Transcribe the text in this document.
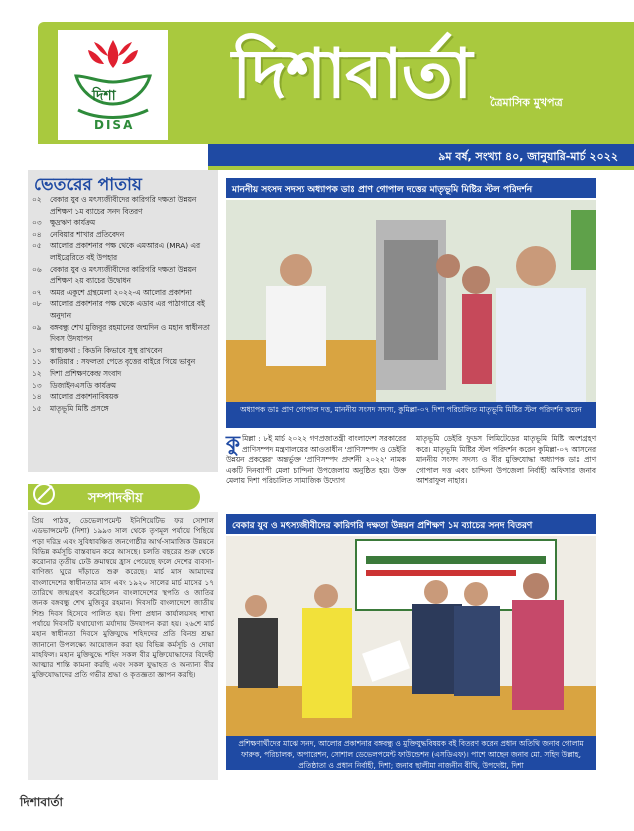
দিশা
DISA
দিশাবার্তা ত্রৈমাসিক মুখপত্র
৯ম বর্ষ, সংখ্যা ৪০, জানুয়ারি-মার্চ ২০২২
ভেতরের পাতায়
০২	বেকার যুব ও মৎস্যজীবীদের কারিগরি দক্ষতা উন্নয়ন প্রশিক্ষণ ১ম ব্যাচের সনদ বিতরণ
০৩	ক্ষুদ্রঋণ কার্যক্রম
০৪	নেবিয়ার শাখার প্রতিবেদন
০৫	আলোর প্রকাশনার পক্ষ থেকে এমআরএ (MRA) এর লাইব্রেরিতে বই উপহার
০৬	বেকার যুব ও মৎস্যজীবীদের কারিগরি দক্ষতা উন্নয়ন প্রশিক্ষণ ২য় ব্যাচের উদ্বোধন
০৭	অমর একুশে গ্রন্থমেলা ২০২২-এ আলোর প্রকাশনা
০৮	আলোর প্রকাশনার পক্ষ থেকে এডাব এর পাঠাগারে বই অনুদান
০৯	বঙ্গবন্ধু শেখ মুজিবুর রহমানের জন্মদিন ও মহান স্বাধীনতা দিবস উদযাপন
১০	স্বাস্থ্যকথা : কিডনি কিভাবে সুস্থ রাখবেন
১১	কারিয়ার : সফলতা পেতে বৃত্তের বাইরে গিয়ে ভাবুন
১২	দিশা প্রশিক্ষণকেন্দ্র সংবাদ
১৩	ডিজাইনএসডি কার্যক্রম
১৪	আলোর প্রকাশনাবিষয়ক
১৫	মাতৃভূমি মিষ্টি প্রসঙ্গে
সম্পাদকীয়

প্রিয় পাঠক, ডেভেলাপমেন্ট ইনিশিয়েটিভ ফর সোশাল এডভান্সমেন্ট (দিশা) ১৯৯৩ সাল থেকে তৃণমূল পর্যায়ে পিছিয়ে পড়া দরিদ্র এবং সুবিধাবঞ্চিত জনগোষ্ঠীর আর্থ-সামাজিক উন্নয়নে বিভিন্ন কর্মসূচি বাস্তবায়ন করে আসছে। চলতি বছরের শুরু থেকে করোনার তৃতীয় ঢেউ ক্রমান্বয়ে হ্রাস পেয়েছে ফলে দেশের ব্যবসা-বাণিজ্য ঘুরে দাঁড়াতে শুরু করেছে। মার্চ মাস আমাদের বাংলাদেশের স্বাধীনতার মাস এবং ১৯২০ সালের মার্চ মাসের ১৭ তারিখে জন্মগ্রহণ করেছিলেন বাংলাদেশের স্থপতি ও জাতির জনক বঙ্গবন্ধু শেখ মুজিবুর রহমান। দিবসটি বাংলাদেশে জাতীয় শিশু দিবস হিসেবে পালিত হয়। দিশা প্রধান কার্যালয়সহ শাখা পর্যায়ে দিবসটি যথাযোগ্য মর্যাদায় উদযাপন করা হয়। ২৬শে মার্চ মহান স্বাধীনতা দিবসে মুক্তিযুদ্ধে শহিদদের প্রতি বিনম্র শ্রদ্ধা জানানো উপলক্ষ্যে আয়োজন করা হয় বিভিন্ন কর্মসূচি ও দোয়া মাহফিল। মহান মুক্তিযুদ্ধে শহিদ সকল বীর মুক্তিযোদ্ধাদের বিদেহী আত্মার শান্তি কামনা করছি এবং সকল যুদ্ধাহত ও অন্যান্য বীর মুক্তিযোদ্ধাদের প্রতি গভীর শ্রদ্ধা ও কৃতজ্ঞতা জ্ঞাপন করছি।

মাননীয় সংসদ সদস্য অধ্যাপক ডাঃ প্রাণ গোপাল দত্তের মাতৃভূমি মিষ্টির স্টল পরিদর্শন
অধ্যাপক ডাঃ প্রাণ গোপাল দত্ত, মাননীয় সংসদ সদস্য, কুমিল্লা-০৭ দিশা পরিচালিত মাতৃভূমি মিষ্টির স্টল পরিদর্শন করেন
কুমিল্লা : ৮ই মার্চ ২০২২ গণপ্রজাতন্ত্রী বাংলাদেশ সরকারের প্রাণিসম্পদ মন্ত্রণালয়ের আওতাধীন 'প্রাণিসম্পদ ও ডেইরি উন্নয়ন প্রকল্পের' অন্তর্ভুক্ত 'প্রাণিসম্পদ প্রদর্শনী ২০২২' নামক একটি দিনব্যাপী মেলা চান্দিনা উপজেলায় অনুষ্ঠিত হয়। উক্ত মেলায় দিশা পরিচালিত সামাজিক উদ্যোগ
মাতৃভূমি ডেইরি ফুডস লিমিটেডের মাতৃভূমি মিষ্টি অংশগ্রহণ করে। মাতৃভূমি মিষ্টির স্টল পরিদর্শন করেন কুমিল্লা-০৭ আসনের মাননীয় সংসদ সদস্য ও বীর মুক্তিযোদ্ধা অধ্যাপক ডাঃ প্রাণ গোপাল দত্ত এবং চান্দিনা উপজেলা নির্বাহী অফিসার জনাব আশরাফুল নাহার।
বেকার যুব ও মৎস্যজীবীদের কারিগরি দক্ষতা উন্নয়ন প্রশিক্ষণ ১ম ব্যাচের সনদ বিতরণ
প্রশিক্ষণার্থীদের মাঝে সনদ, আলোর প্রকাশনার বঙ্গবন্ধু ও মুক্তিযুদ্ধবিষয়ক বই বিতরণ করেন প্রধান অতিথি জনাব গোলাম ফারুক, পরিচালক, অপারেশন, সোশাল ডেভেলপমেন্ট ফাউন্ডেশন (এসডিএফ)। পাশে আছেন জনাব মো. সহিদ উল্লাহ, প্রতিষ্ঠাতা ও প্রধান নির্বাহী, দিশা; জনাব ছালীমা নাজনীন বীথি, উপদেষ্টা, দিশা
দিশাবার্তা
